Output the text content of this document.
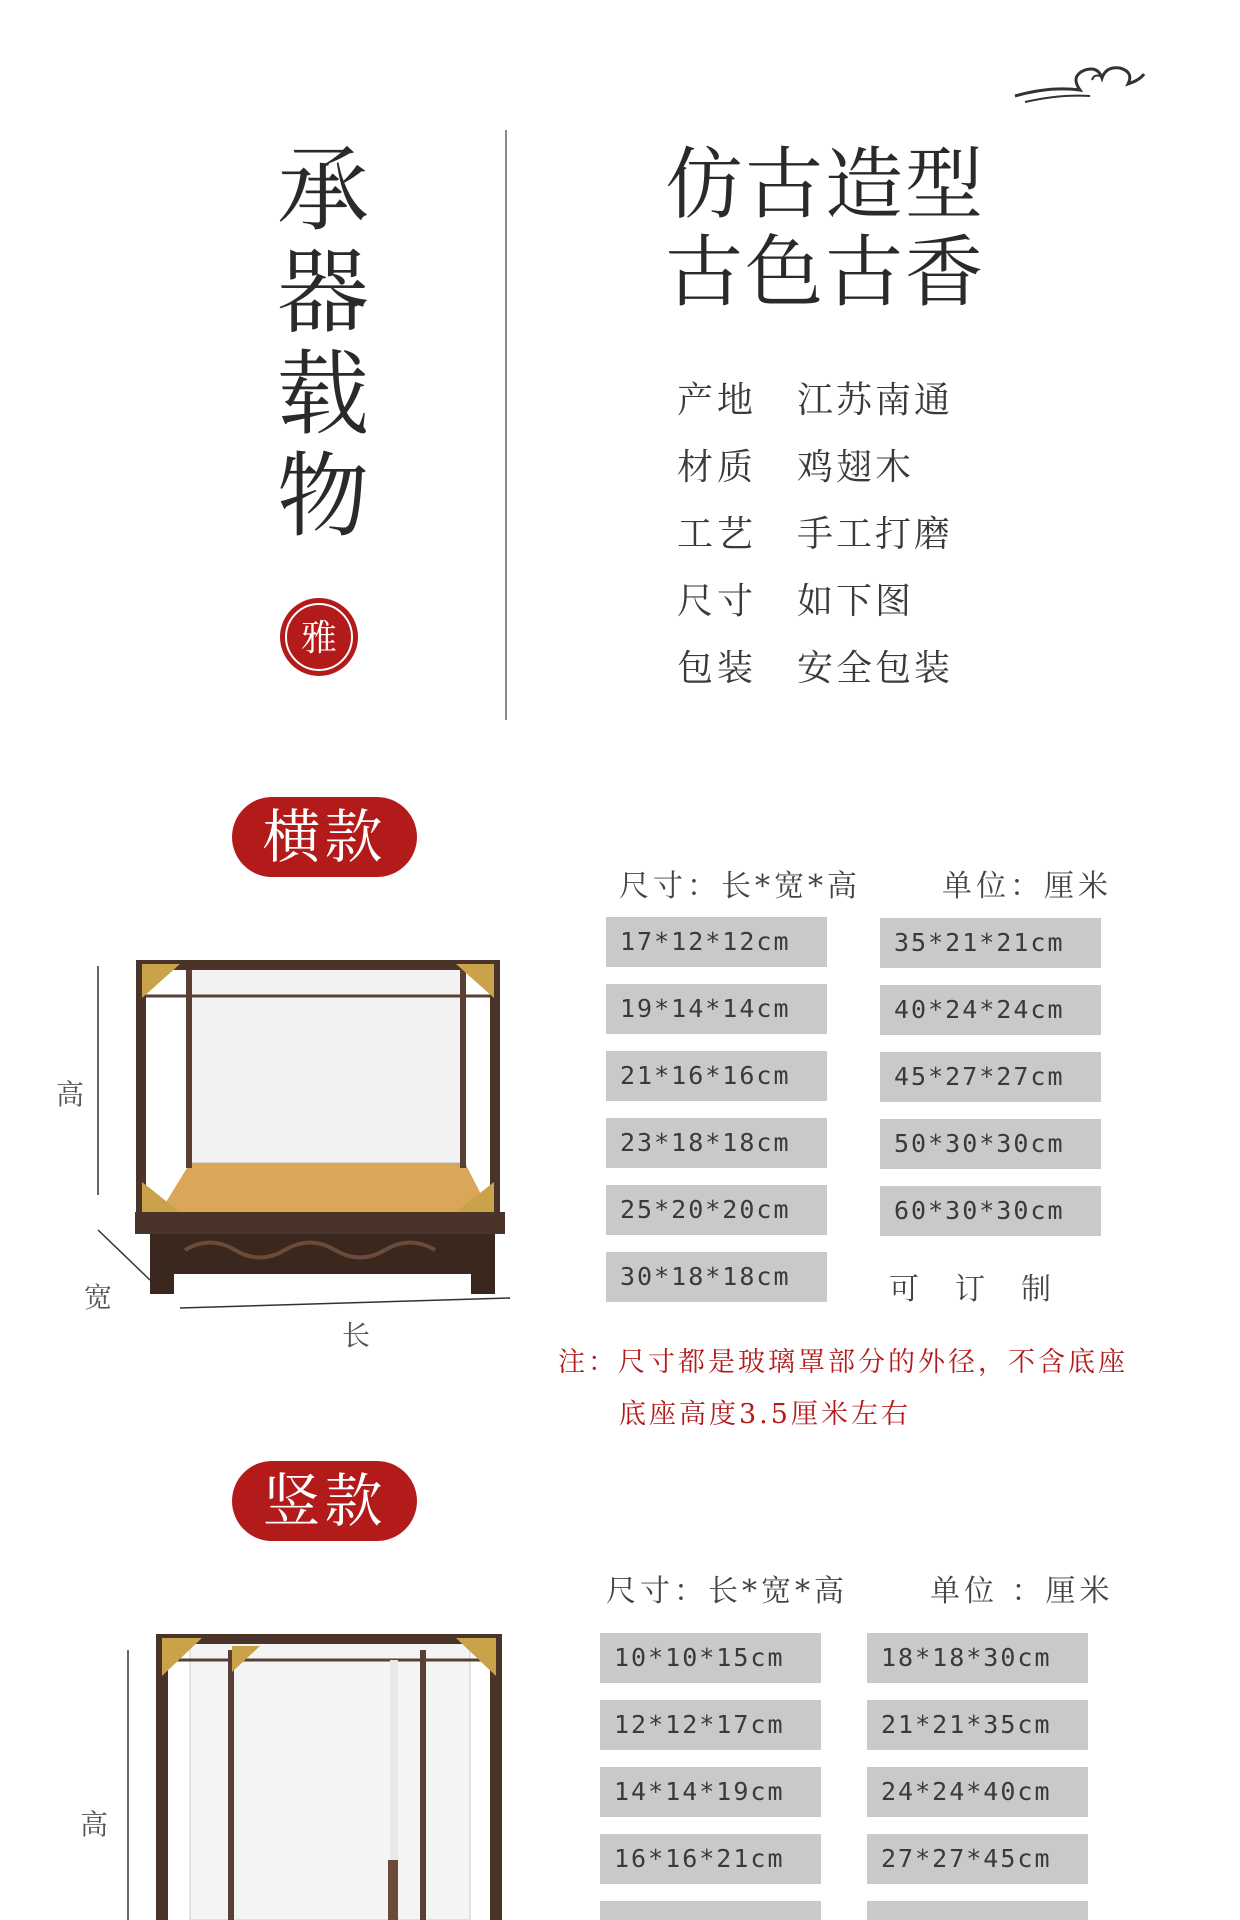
承
器
载
物
雅
仿古造型
古色古香
产地 江苏南通
材质 鸡翅木
工艺 手工打磨
尺寸 如下图
包装 安全包装
横款
高
宽
长
尺寸：长*宽*高	单位：厘米
17*12*12cm
19*14*14cm
21*16*16cm
23*18*18cm
25*20*20cm
30*18*18cm
35*21*21cm
40*24*24cm
45*27*27cm
50*30*30cm
60*30*30cm
可订制
注：尺寸都是玻璃罩部分的外径，不含底座
底座高度3.5厘米左右
竖款
高
尺寸：长*宽*高	单位 ：厘米
10*10*15cm
12*12*17cm
14*14*19cm
16*16*21cm
18*18*30cm
21*21*35cm
24*24*40cm
27*27*45cm
